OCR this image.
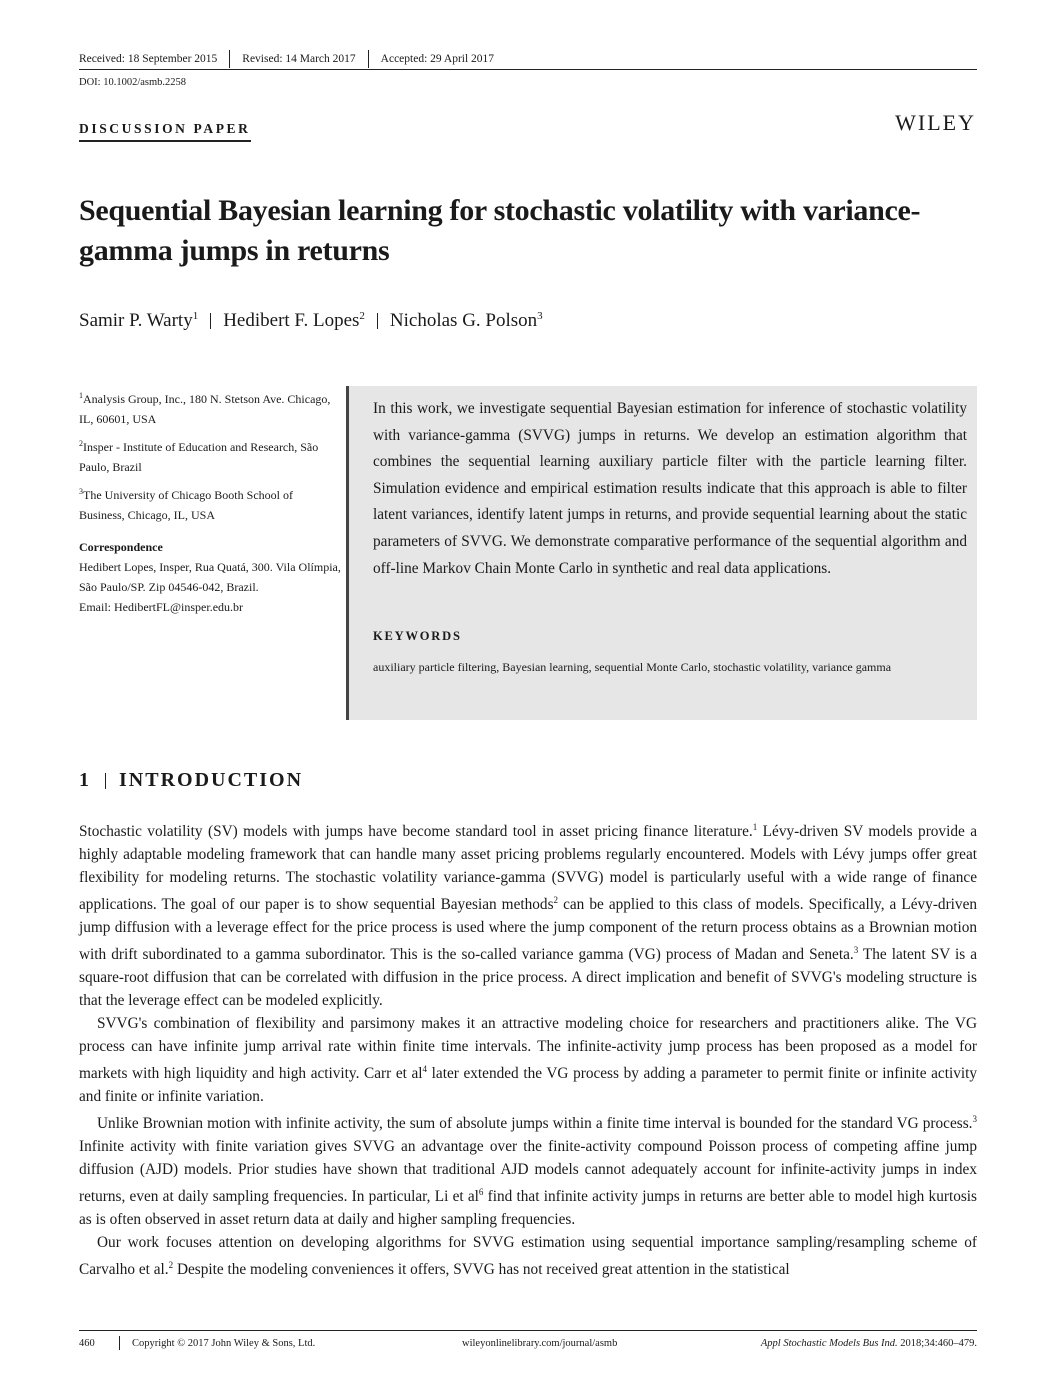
Received: 18 September 2015 Revised: 14 March 2017 Accepted: 29 April 2017
DOI: 10.1002/asmb.2258
DISCUSSION PAPER	WILEY
Sequential Bayesian learning for stochastic volatility with variance-gamma jumps in returns
Samir P. Warty$^1$ Hedibert F. Lopes$^2$ Nicholas G. Polson$^3$

$^1$Analysis Group, Inc., 180 N. Stetson Ave. Chicago, IL, 60601, USA

$^2$Insper - Institute of Education and Research, São Paulo, Brazil

$^3$The University of Chicago Booth School of Business, Chicago, IL, USA

Correspondence

Hedibert Lopes, Insper, Rua Quatá, 300. Vila Olímpia, São Paulo/SP. Zip 04546-042, Brazil.

Email: HedibertFL@insper.edu.br

In this work, we investigate sequential Bayesian estimation for inference of stochastic volatility with variance-gamma (SVVG) jumps in returns. We develop an estimation algorithm that combines the sequential learning auxiliary particle filter with the particle learning filter. Simulation evidence and empirical estimation results indicate that this approach is able to filter latent variances, identify latent jumps in returns, and provide sequential learning about the static parameters of SVVG. We demonstrate comparative performance of the sequential algorithm and off-line Markov Chain Monte Carlo in synthetic and real data applications.
KEYWORDS
auxiliary particle filtering, Bayesian learning, sequential Monte Carlo, stochastic volatility, variance gamma
1 INTRODUCTION

Stochastic volatility (SV) models with jumps have become standard tool in asset pricing finance literature.$^1$ Lévy-driven SV models provide a highly adaptable modeling framework that can handle many asset pricing problems regularly encountered. Models with Lévy jumps offer great flexibility for modeling returns. The stochastic volatility variance-gamma (SVVG) model is particularly useful with a wide range of finance applications. The goal of our paper is to show sequential Bayesian methods$^2$ can be applied to this class of models. Specifically, a Lévy-driven jump diffusion with a leverage effect for the price process is used where the jump component of the return process obtains as a Brownian motion with drift subordinated to a gamma subordinator. This is the so-called variance gamma (VG) process of Madan and Seneta.$^3$ The latent SV is a square-root diffusion that can be correlated with diffusion in the price process. A direct implication and benefit of SVVG's modeling structure is that the leverage effect can be modeled explicitly.

SVVG's combination of flexibility and parsimony makes it an attractive modeling choice for researchers and practitioners alike. The VG process can have infinite jump arrival rate within finite time intervals. The infinite-activity jump process has been proposed as a model for markets with high liquidity and high activity. Carr et $al^4$ later extended the VG process by adding a parameter to permit finite or infinite activity and finite or infinite variation.

Unlike Brownian motion with infinite activity, the sum of absolute jumps within a finite time interval is bounded for the standard VG process.$^3$ Infinite activity with finite variation gives SVVG an advantage over the finite-activity compound Poisson process of competing affine jump diffusion (AJD) models. Prior studies have shown that traditional AJD models cannot adequately account for infinite-activity jumps in index returns, even at daily sampling frequencies. In particular, Li et $al^6$ find that infinite activity jumps in returns are better able to model high kurtosis as is often observed in asset return data at daily and higher sampling frequencies.

Our work focuses attention on developing algorithms for SVVG estimation using sequential importance sampling/resampling scheme of Carvalho et al.$^2$ Despite the modeling conveniences it offers, SVVG has not received great attention in the statistical

460	Copyright © 2017 John Wiley & Sons, Ltd.	wileyonlinelibrary.com/journal/asmb	Appl Stochastic Models Bus Ind. 2018;34:460–479.
